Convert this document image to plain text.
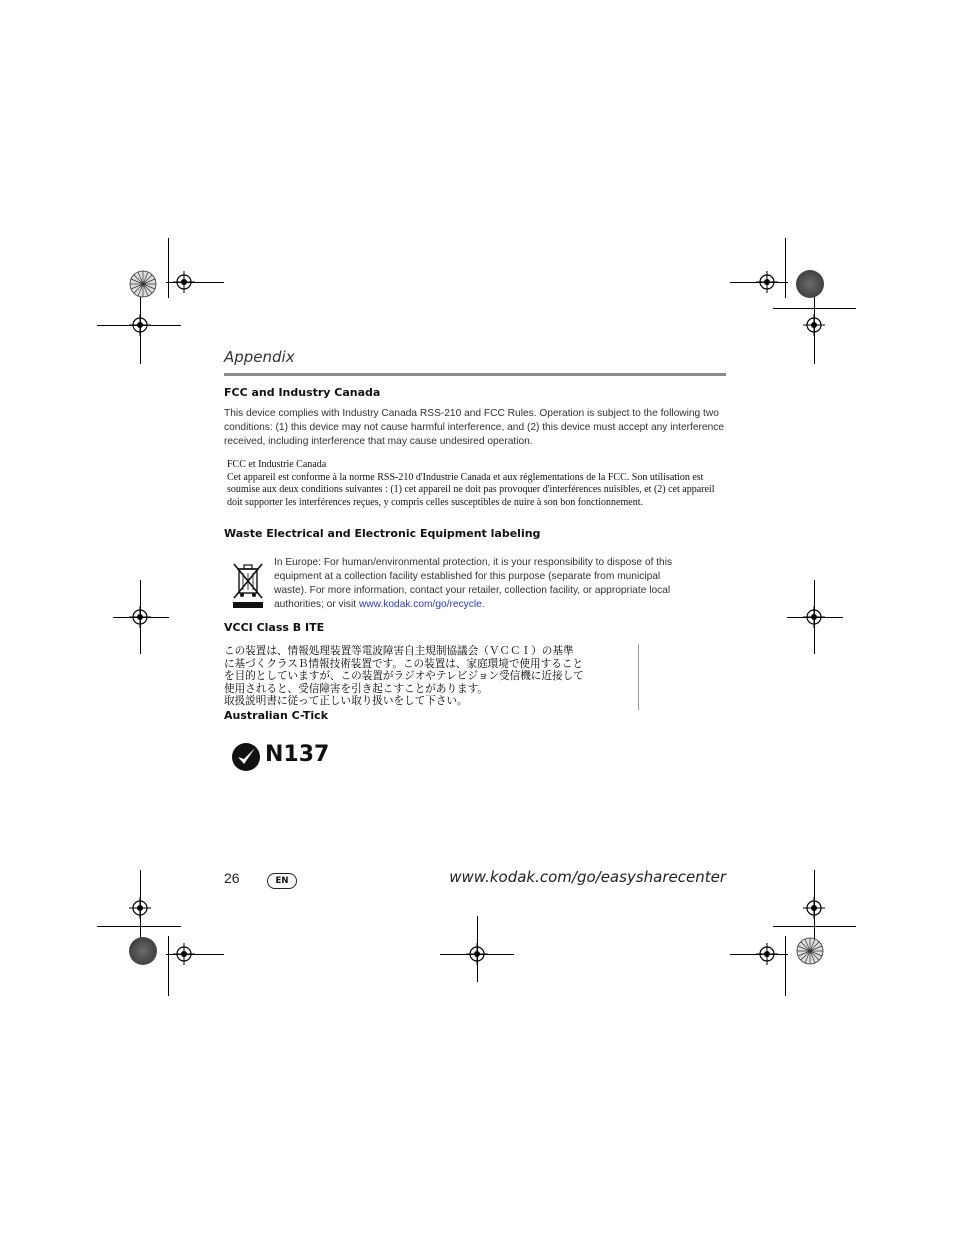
Appendix
FCC and Industry Canada
This device complies with Industry Canada RSS-210 and FCC Rules. Operation is subject to the following two conditions: (1) this device may not cause harmful interference, and (2) this device must accept any interference received, including interference that may cause undesired operation.
FCC et Industrie Canada
Cet appareil est conforme à la norme RSS-210 d'Industrie Canada et aux réglementations de la FCC. Son utilisation est soumise aux deux conditions suivantes : (1) cet appareil ne doit pas provoquer d'interférences nuisibles, et (2) cet appareil doit supporter les interférences reçues, y compris celles susceptibles de nuire à son bon fonctionnement.
Waste Electrical and Electronic Equipment labeling
In Europe: For human/environmental protection, it is your responsibility to dispose of this equipment at a collection facility established for this purpose (separate from municipal waste). For more information, contact your retailer, collection facility, or appropriate local authorities; or visit www.kodak.com/go/recycle.
VCCI Class B ITE
この装置は、情報処理装置等電波障害自主規制協議会（ＶＣＣＩ）の基準
に基づくクラスＢ情報技術装置です。この装置は、家庭環境で使用すること
を目的としていますが、この装置がラジオやテレビジョン受信機に近接して
使用されると、受信障害を引き起こすことがあります。
取扱説明書に従って正しい取り扱いをして下さい。
Australian C-Tick
N137
26	EN	www.kodak.com/go/easysharecenter
